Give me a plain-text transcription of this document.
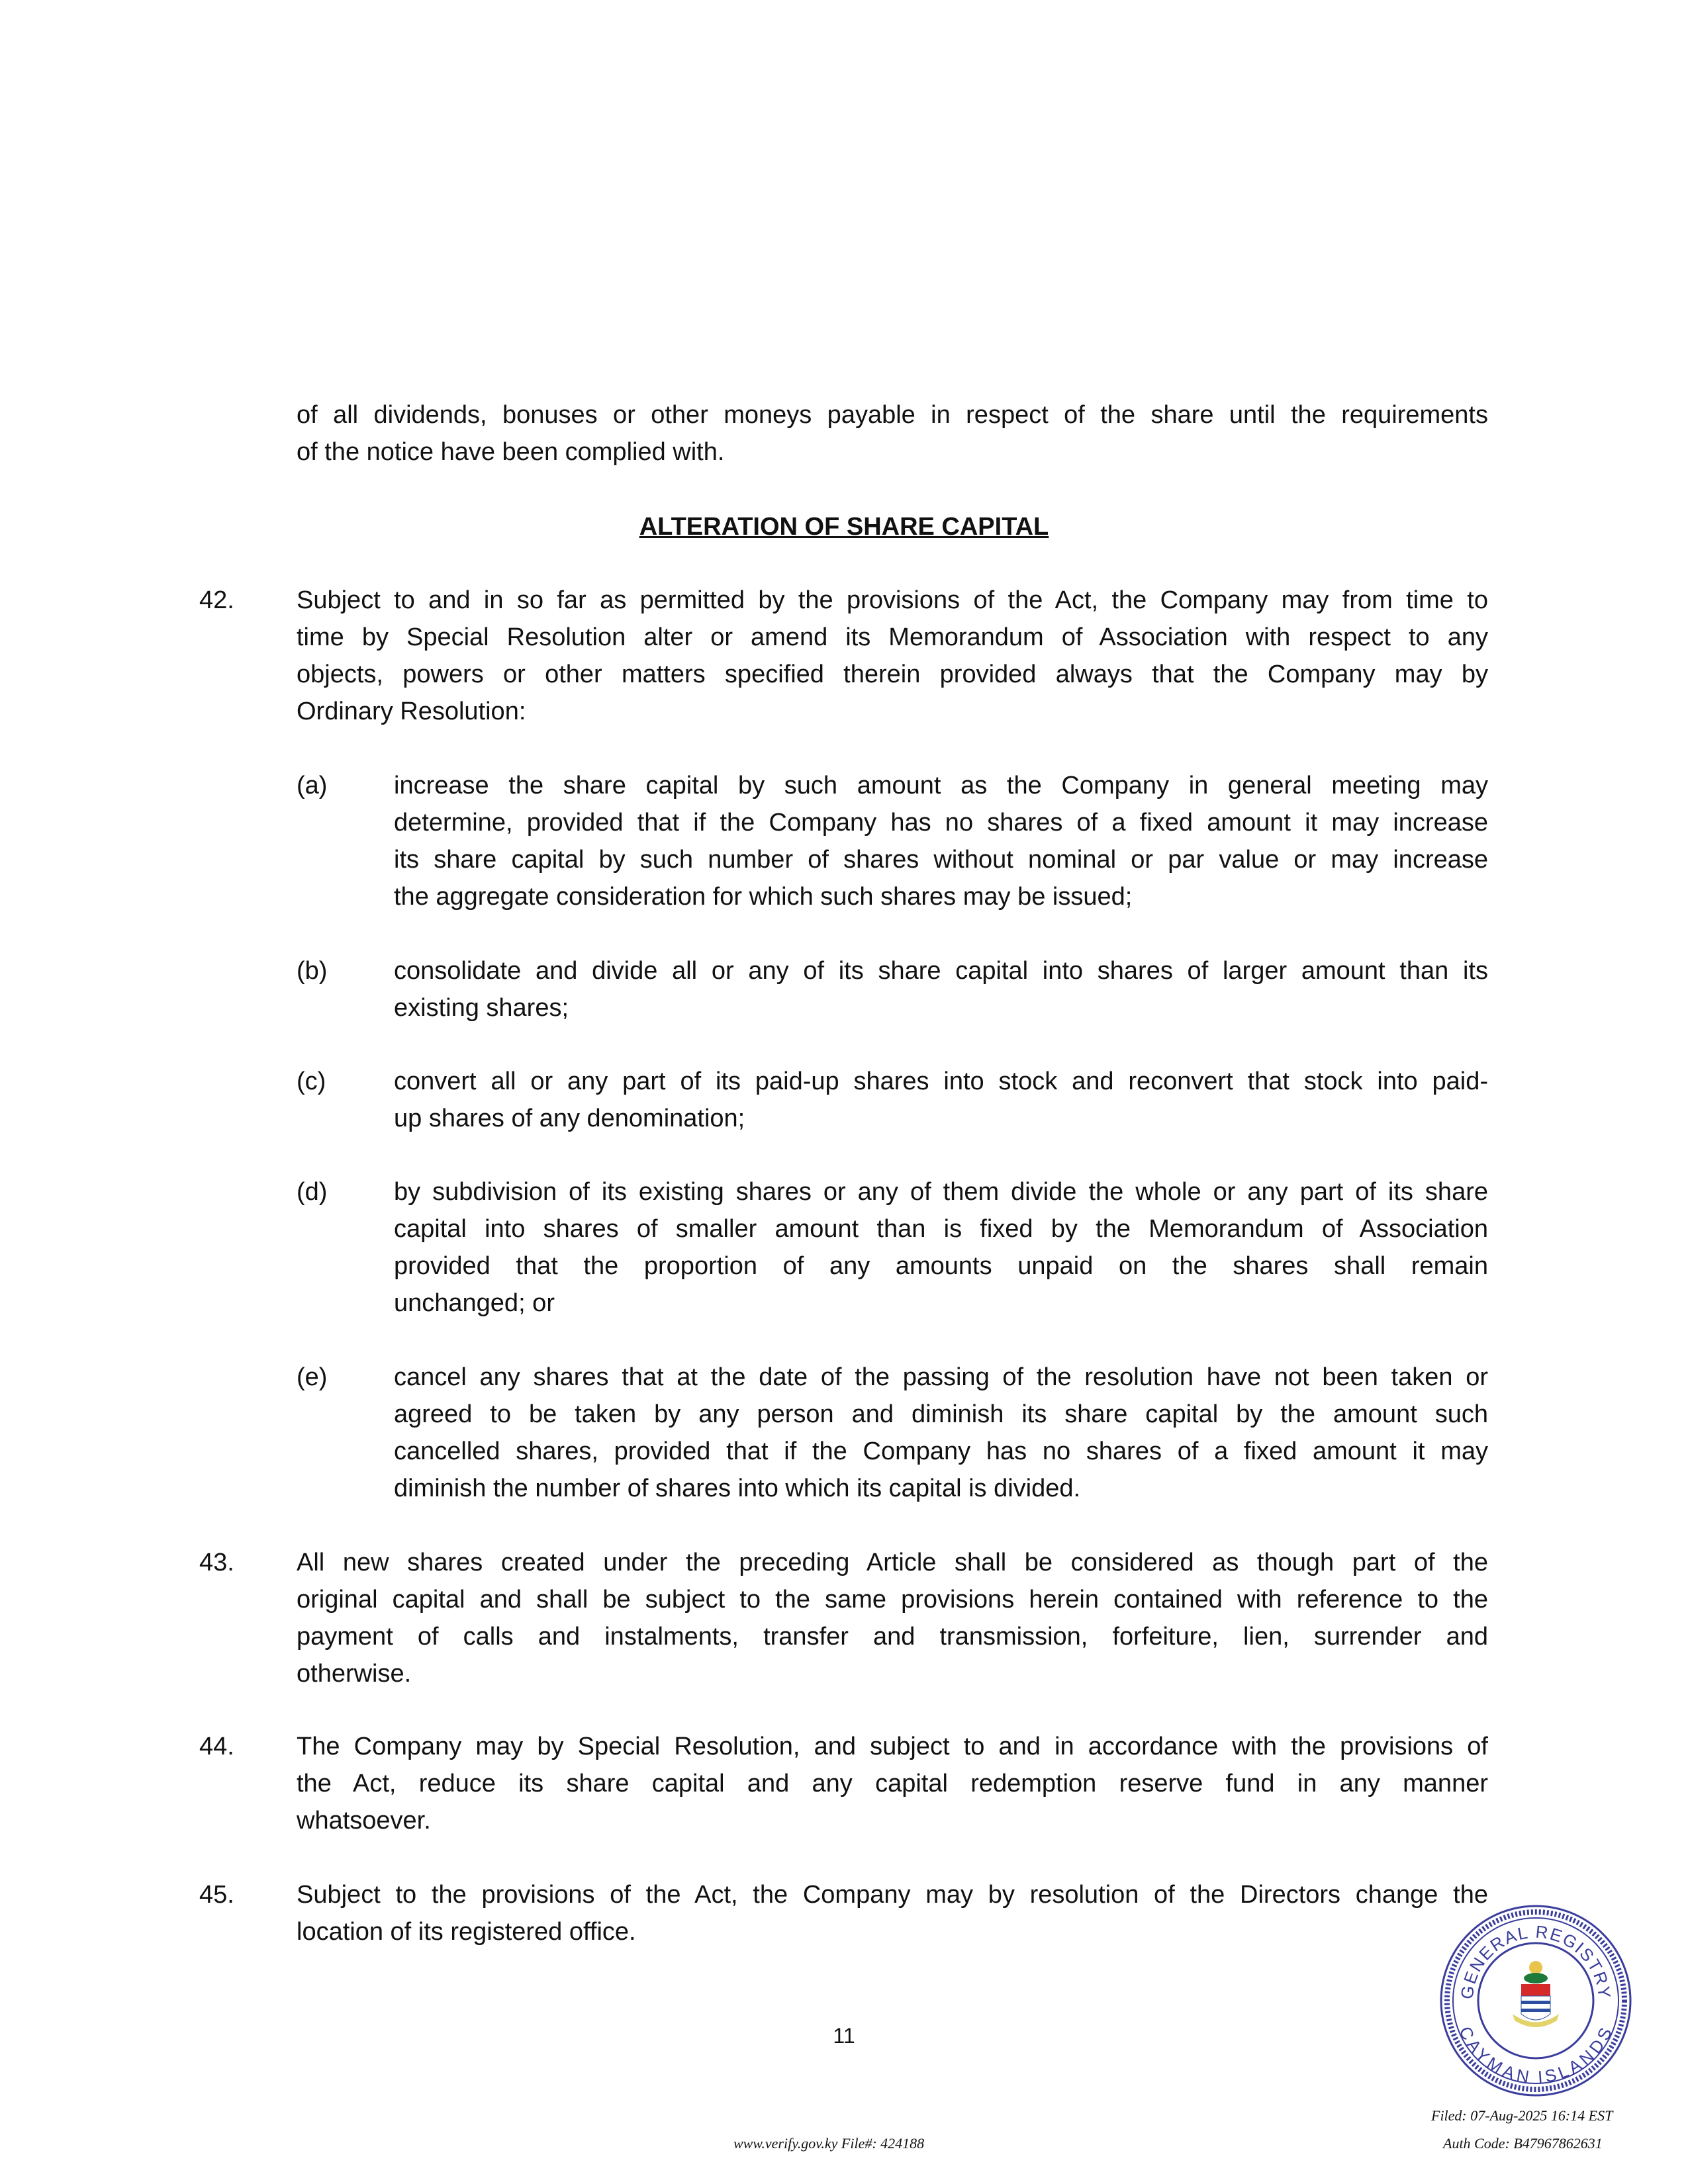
of all dividends, bonuses or other moneys payable in respect of the share until the requirements
of the notice have been complied with.
ALTERATION OF SHARE CAPITAL
42. Subject to and in so far as permitted by the provisions of the Act, the Company may from time to
time by Special Resolution alter or amend its Memorandum of Association with respect to any
objects, powers or other matters specified therein provided always that the Company may by
Ordinary Resolution:
(a)	increase the share capital by such amount as the Company in general meeting may
determine, provided that if the Company has no shares of a fixed amount it may increase
its share capital by such number of shares without nominal or par value or may increase
the aggregate consideration for which such shares may be issued;
(b)	consolidate and divide all or any of its share capital into shares of larger amount than its
existing shares;
(c)	convert all or any part of its paid-up shares into stock and reconvert that stock into paid-
up shares of any denomination;
(d)	by subdivision of its existing shares or any of them divide the whole or any part of its share
capital into shares of smaller amount than is fixed by the Memorandum of Association
provided that the proportion of any amounts unpaid on the shares shall remain
unchanged; or
(e)	cancel any shares that at the date of the passing of the resolution have not been taken or
agreed to be taken by any person and diminish its share capital by the amount such
cancelled shares, provided that if the Company has no shares of a fixed amount it may
diminish the number of shares into which its capital is divided.
43. All new shares created under the preceding Article shall be considered as though part of the
original capital and shall be subject to the same provisions herein contained with reference to the
payment of calls and instalments, transfer and transmission, forfeiture, lien, surrender and
otherwise.
44. The Company may by Special Resolution, and subject to and in accordance with the provisions of
the Act, reduce its share capital and any capital redemption reserve fund in any manner
whatsoever.
45. Subject to the provisions of the Act, the Company may by resolution of the Directors change the
location of its registered office.
11
GENERAL REGISTRY
CAYMAN ISLANDS
Filed: 07-Aug-2025 16:14 EST
Auth Code: B47967862631
www.verify.gov.ky File#: 424188
